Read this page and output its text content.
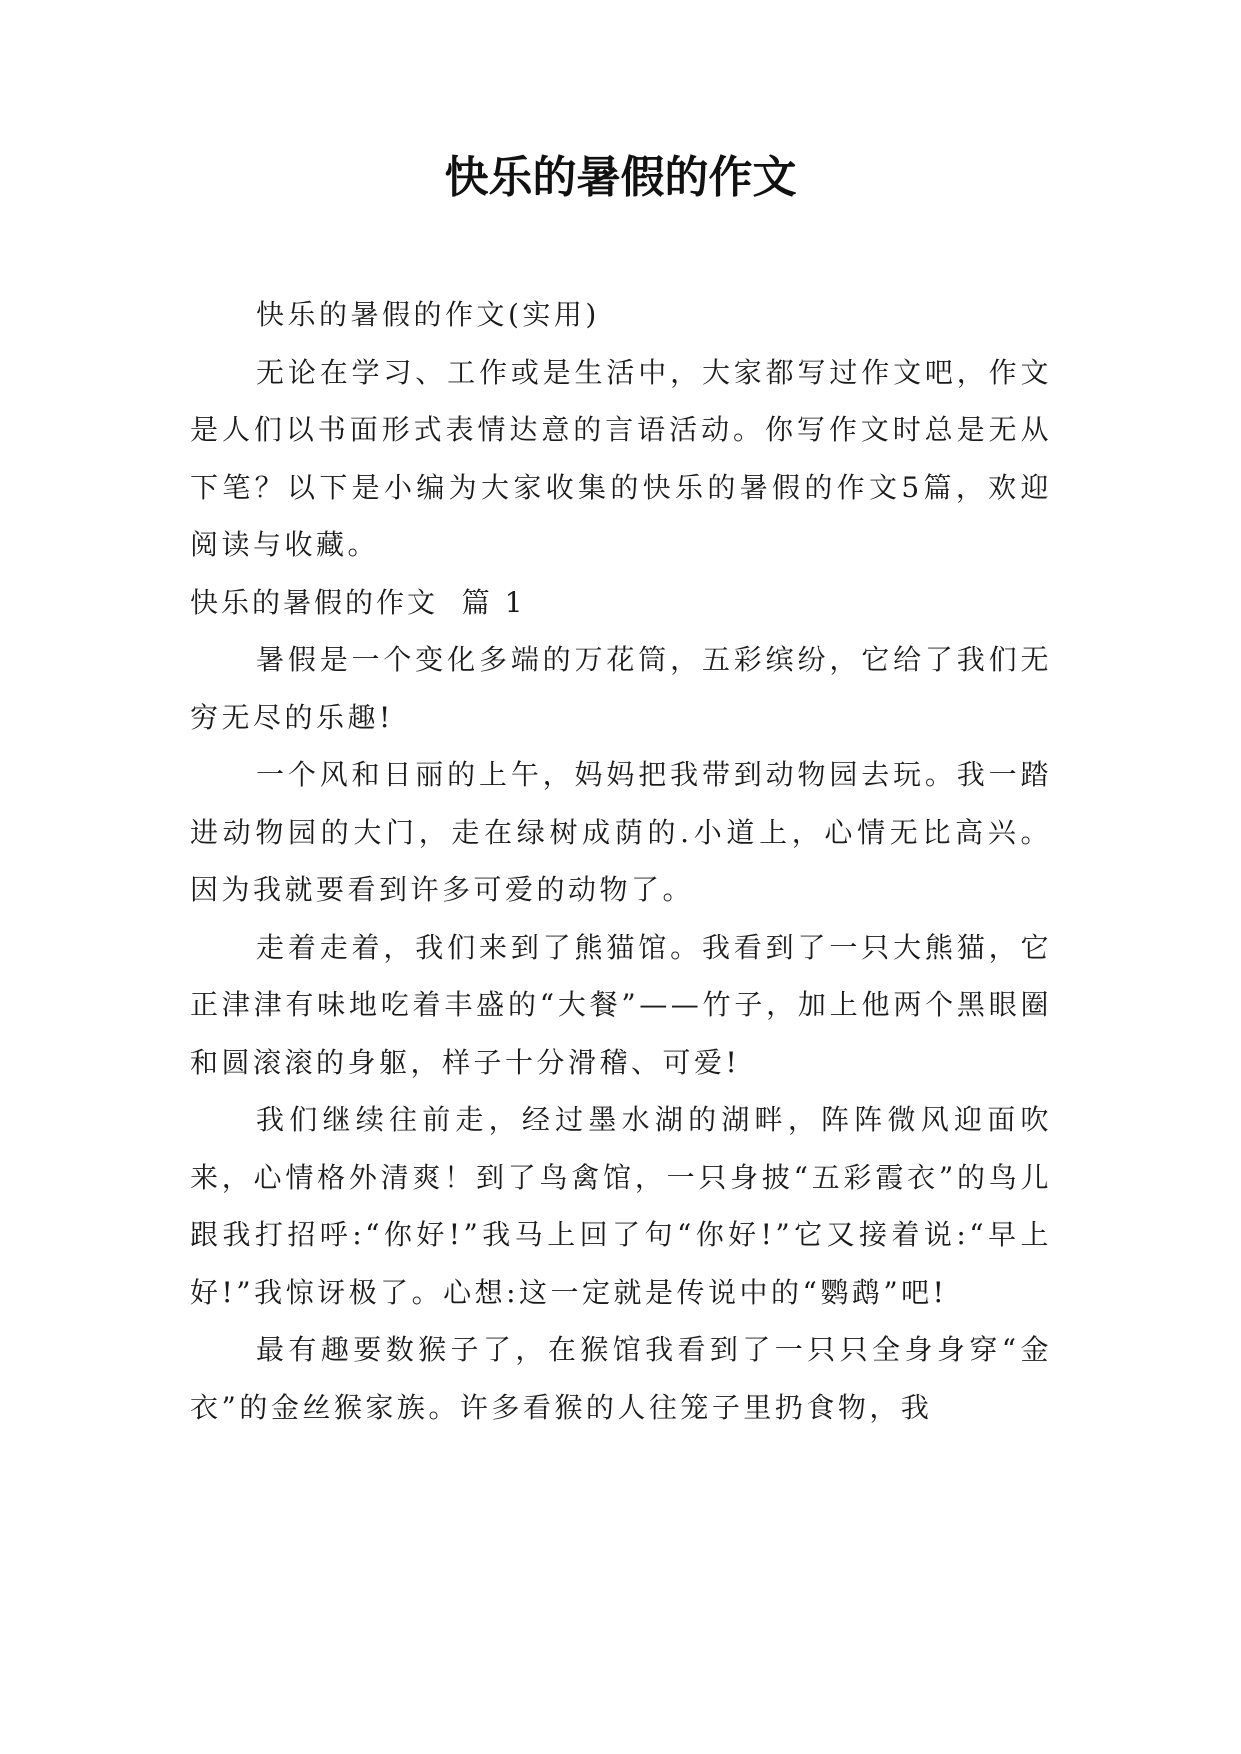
快乐的暑假的作文

快乐的暑假的作文(实用)

无论在学习、工作或是生活中，大家都写过作文吧，作文是人们以书面形式表情达意的言语活动。你写作文时总是无从下笔？以下是小编为大家收集的快乐的暑假的作文5篇，欢迎阅读与收藏。

快乐的暑假的作文  篇 1

暑假是一个变化多端的万花筒，五彩缤纷，它给了我们无穷无尽的乐趣!

一个风和日丽的上午，妈妈把我带到动物园去玩。我一踏进动物园的大门，走在绿树成荫的.小道上，心情无比高兴。因为我就要看到许多可爱的动物了。

走着走着，我们来到了熊猫馆。我看到了一只大熊猫，它正津津有味地吃着丰盛的“大餐”——竹子，加上他两个黑眼圈和圆滚滚的身躯，样子十分滑稽、可爱!

我们继续往前走，经过墨水湖的湖畔，阵阵微风迎面吹来，心情格外清爽！到了鸟禽馆，一只身披“五彩霞衣”的鸟儿跟我打招呼:“你好!”我马上回了句“你好!”它又接着说:“早上好!”我惊讶极了。心想:这一定就是传说中的“鹦鹉”吧!

最有趣要数猴子了，在猴馆我看到了一只只全身身穿“金衣”的金丝猴家族。许多看猴的人往笼子里扔食物，我
